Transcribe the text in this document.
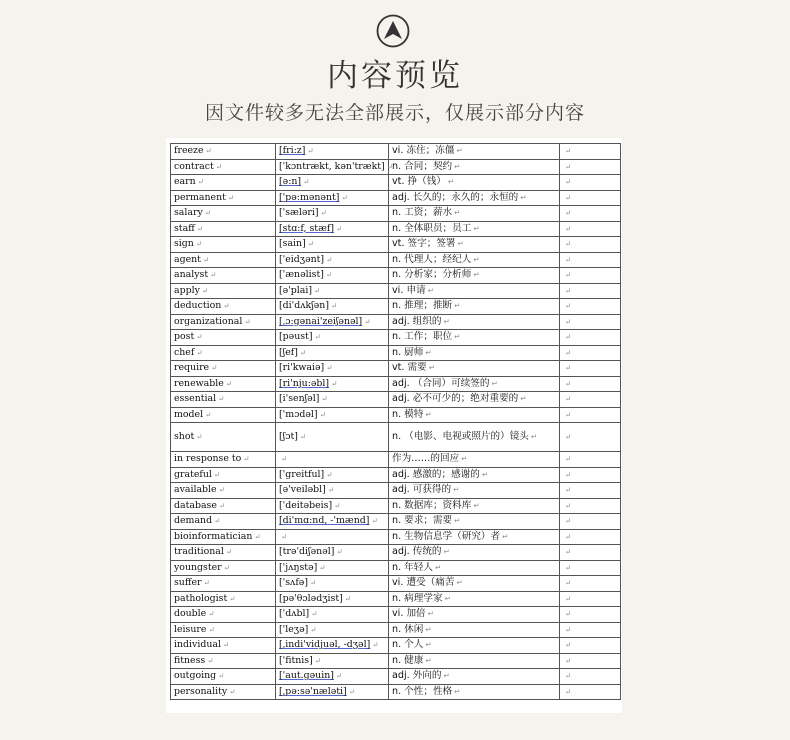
内容预览
因文件较多无法全部展示，仅展示部分内容
freeze ↵	[fri:z] ↵	vi. 冻住；冻僵 ↵	↵
contract ↵	['kɔntrækt, kən'trækt] ↵	n. 合同；契约 ↵	↵
earn ↵	[ə:n] ↵	vt. 挣（钱） ↵	↵
permanent ↵	['pə:mənənt] ↵	adj. 长久的；永久的；永恒的 ↵	↵
salary ↵	['sæləri] ↵	n. 工资；薪水 ↵	↵
staff ↵	[stɑ:f, stæf] ↵	n. 全体职员；员工 ↵	↵
sign ↵	[sain] ↵	vt. 签字；签署 ↵	↵
agent ↵	['eidʒənt] ↵	n. 代理人；经纪人 ↵	↵
analyst ↵	['ænəlist] ↵	n. 分析家；分析师 ↵	↵
apply ↵	[ə'plai] ↵	vi. 申请 ↵	↵
deduction ↵	[di'dʌkʃən] ↵	n. 推理；推断 ↵	↵
organizational ↵	[ˌɔ:gənai'zeiʃənəl] ↵	adj. 组织的 ↵	↵
post ↵	[pəust] ↵	n. 工作；职位 ↵	↵
chef ↵	[ʃef] ↵	n. 厨师 ↵	↵
require ↵	[ri'kwaiə] ↵	vt. 需要 ↵	↵
renewable ↵	[ri'nju:əbl] ↵	adj. （合同）可续签的 ↵	↵
essential ↵	[i'senʃəl] ↵	adj. 必不可少的；绝对重要的 ↵	↵
model ↵	['mɔdəl] ↵	n. 模特 ↵	↵
shot ↵	[ʃɔt] ↵	n. （电影、电视或照片的）镜头 ↵	↵
in response to ↵	↵	作为……的回应 ↵	↵
grateful ↵	['greitful] ↵	adj. 感激的；感谢的 ↵	↵
available ↵	[ə'veiləbl] ↵	adj. 可获得的 ↵	↵
database ↵	['deitəbeis] ↵	n. 数据库；资料库 ↵	↵
demand ↵	[di'mɑ:nd, -'mænd] ↵	n. 要求；需要 ↵	↵
bioinformatician ↵	↵	n. 生物信息学（研究）者 ↵	↵
traditional ↵	[trə'diʃənəl] ↵	adj. 传统的 ↵	↵
youngster ↵	['jʌŋstə] ↵	n. 年轻人 ↵	↵
suffer ↵	['sʌfə] ↵	vi. 遭受（痛苦 ↵	↵
pathologist ↵	[pə'θɔlədʒist] ↵	n. 病理学家 ↵	↵
double ↵	['dʌbl] ↵	vi. 加倍 ↵	↵
leisure ↵	['leʒə] ↵	n. 休闲 ↵	↵
individual ↵	[ˌindi'vidjuəl, -dʒəl] ↵	n. 个人 ↵	↵
fitness ↵	['fitnis] ↵	n. 健康 ↵	↵
outgoing ↵	['aut.gəuin] ↵	adj. 外向的 ↵	↵
personality ↵	[ˌpə:sə'næləti] ↵	n. 个性；性格 ↵	↵
